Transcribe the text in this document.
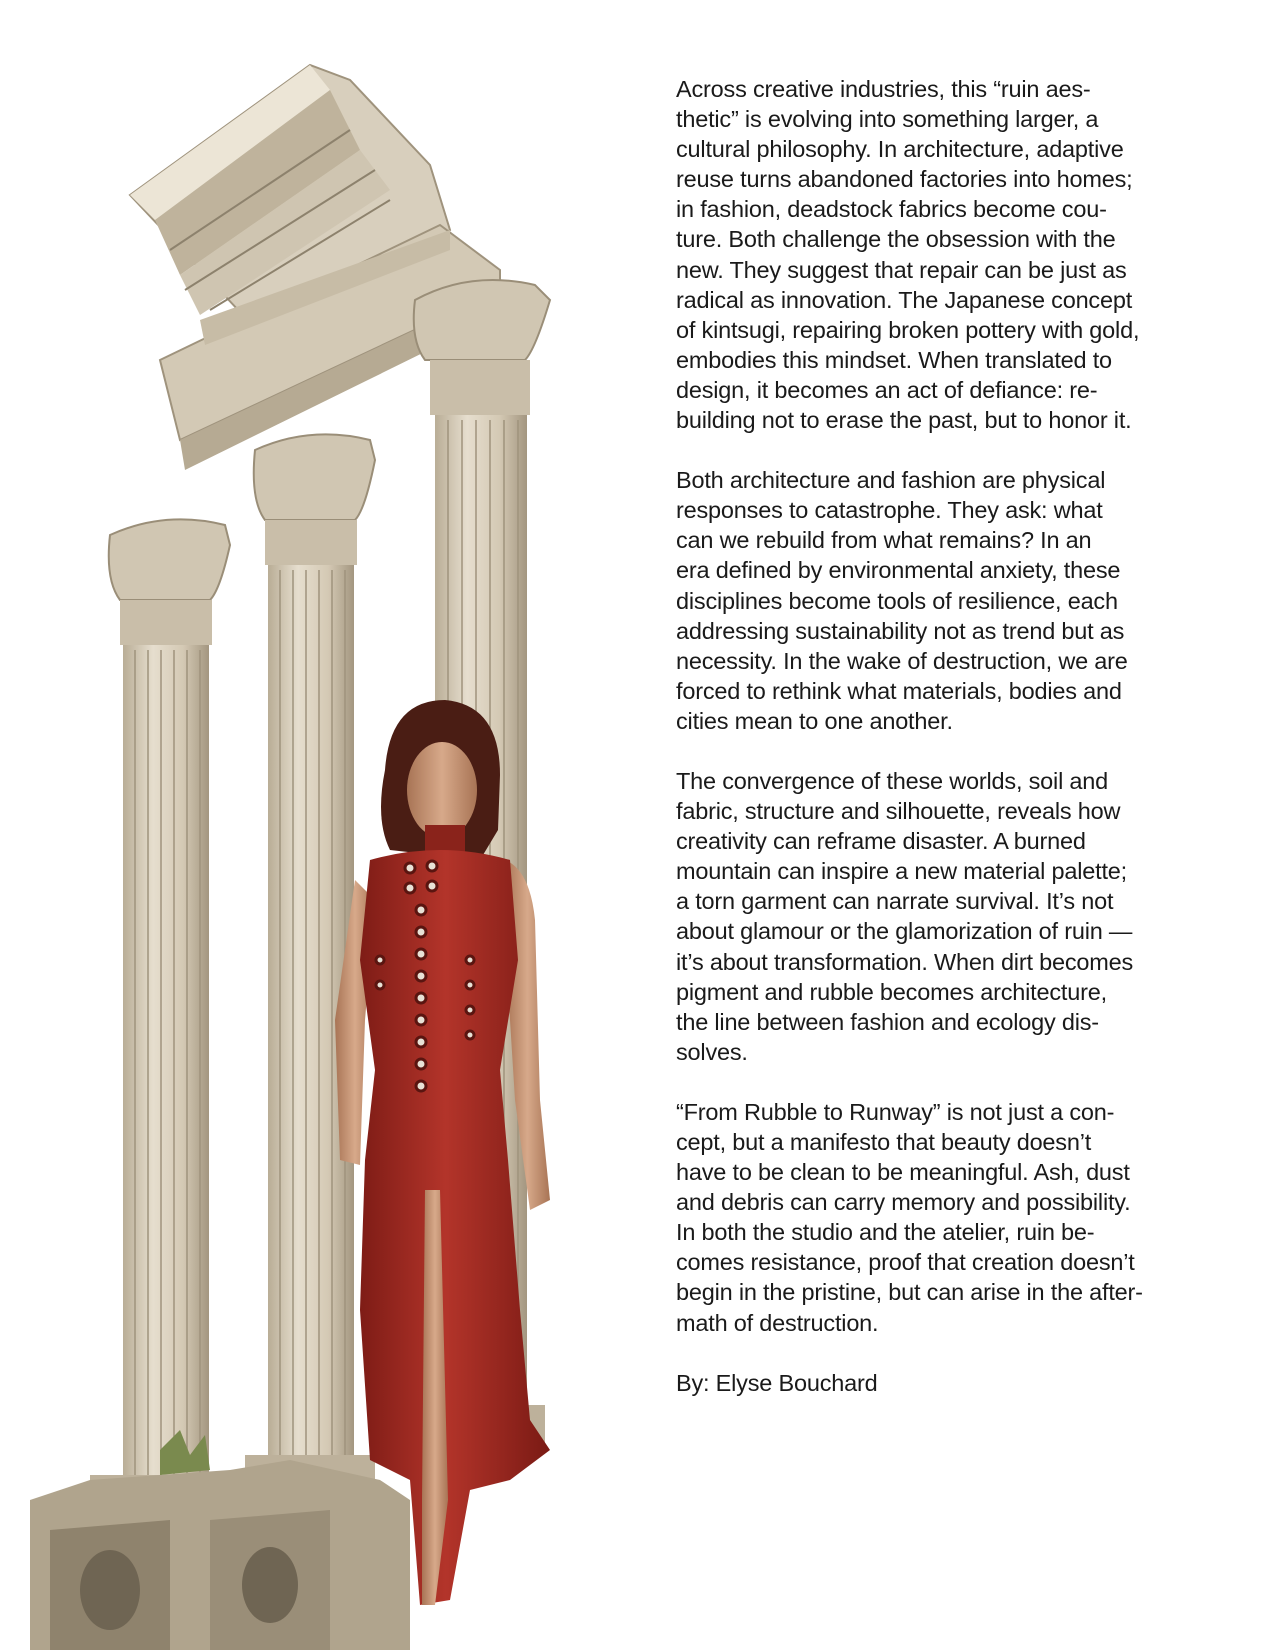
Across creative industries, this “ruin aes-
thetic” is evolving into something larger, a
cultural philosophy. In architecture, adaptive
reuse turns abandoned factories into homes;
in fashion, deadstock fabrics become cou-
ture. Both challenge the obsession with the
new. They suggest that repair can be just as
radical as innovation. The Japanese concept
of kintsugi, repairing broken pottery with gold,
embodies this mindset. When translated to
design, it becomes an act of defiance: re-
building not to erase the past, but to honor it.

Both architecture and fashion are physical
responses to catastrophe. They ask: what
can we rebuild from what remains? In an
era defined by environmental anxiety, these
disciplines become tools of resilience, each
addressing sustainability not as trend but as
necessity. In the wake of destruction, we are
forced to rethink what materials, bodies and
cities mean to one another.

The convergence of these worlds, soil and
fabric, structure and silhouette, reveals how
creativity can reframe disaster. A burned
mountain can inspire a new material palette;
a torn garment can narrate survival. It’s not
about glamour or the glamorization of ruin —
it’s about transformation. When dirt becomes
pigment and rubble becomes architecture,
the line between fashion and ecology dis-
solves.

“From Rubble to Runway” is not just a con-
cept, but a manifesto that beauty doesn’t
have to be clean to be meaningful. Ash, dust
and debris can carry memory and possibility.
In both the studio and the atelier, ruin be-
comes resistance, proof that creation doesn’t
begin in the pristine, but can arise in the after-
math of destruction.

By: Elyse Bouchard
